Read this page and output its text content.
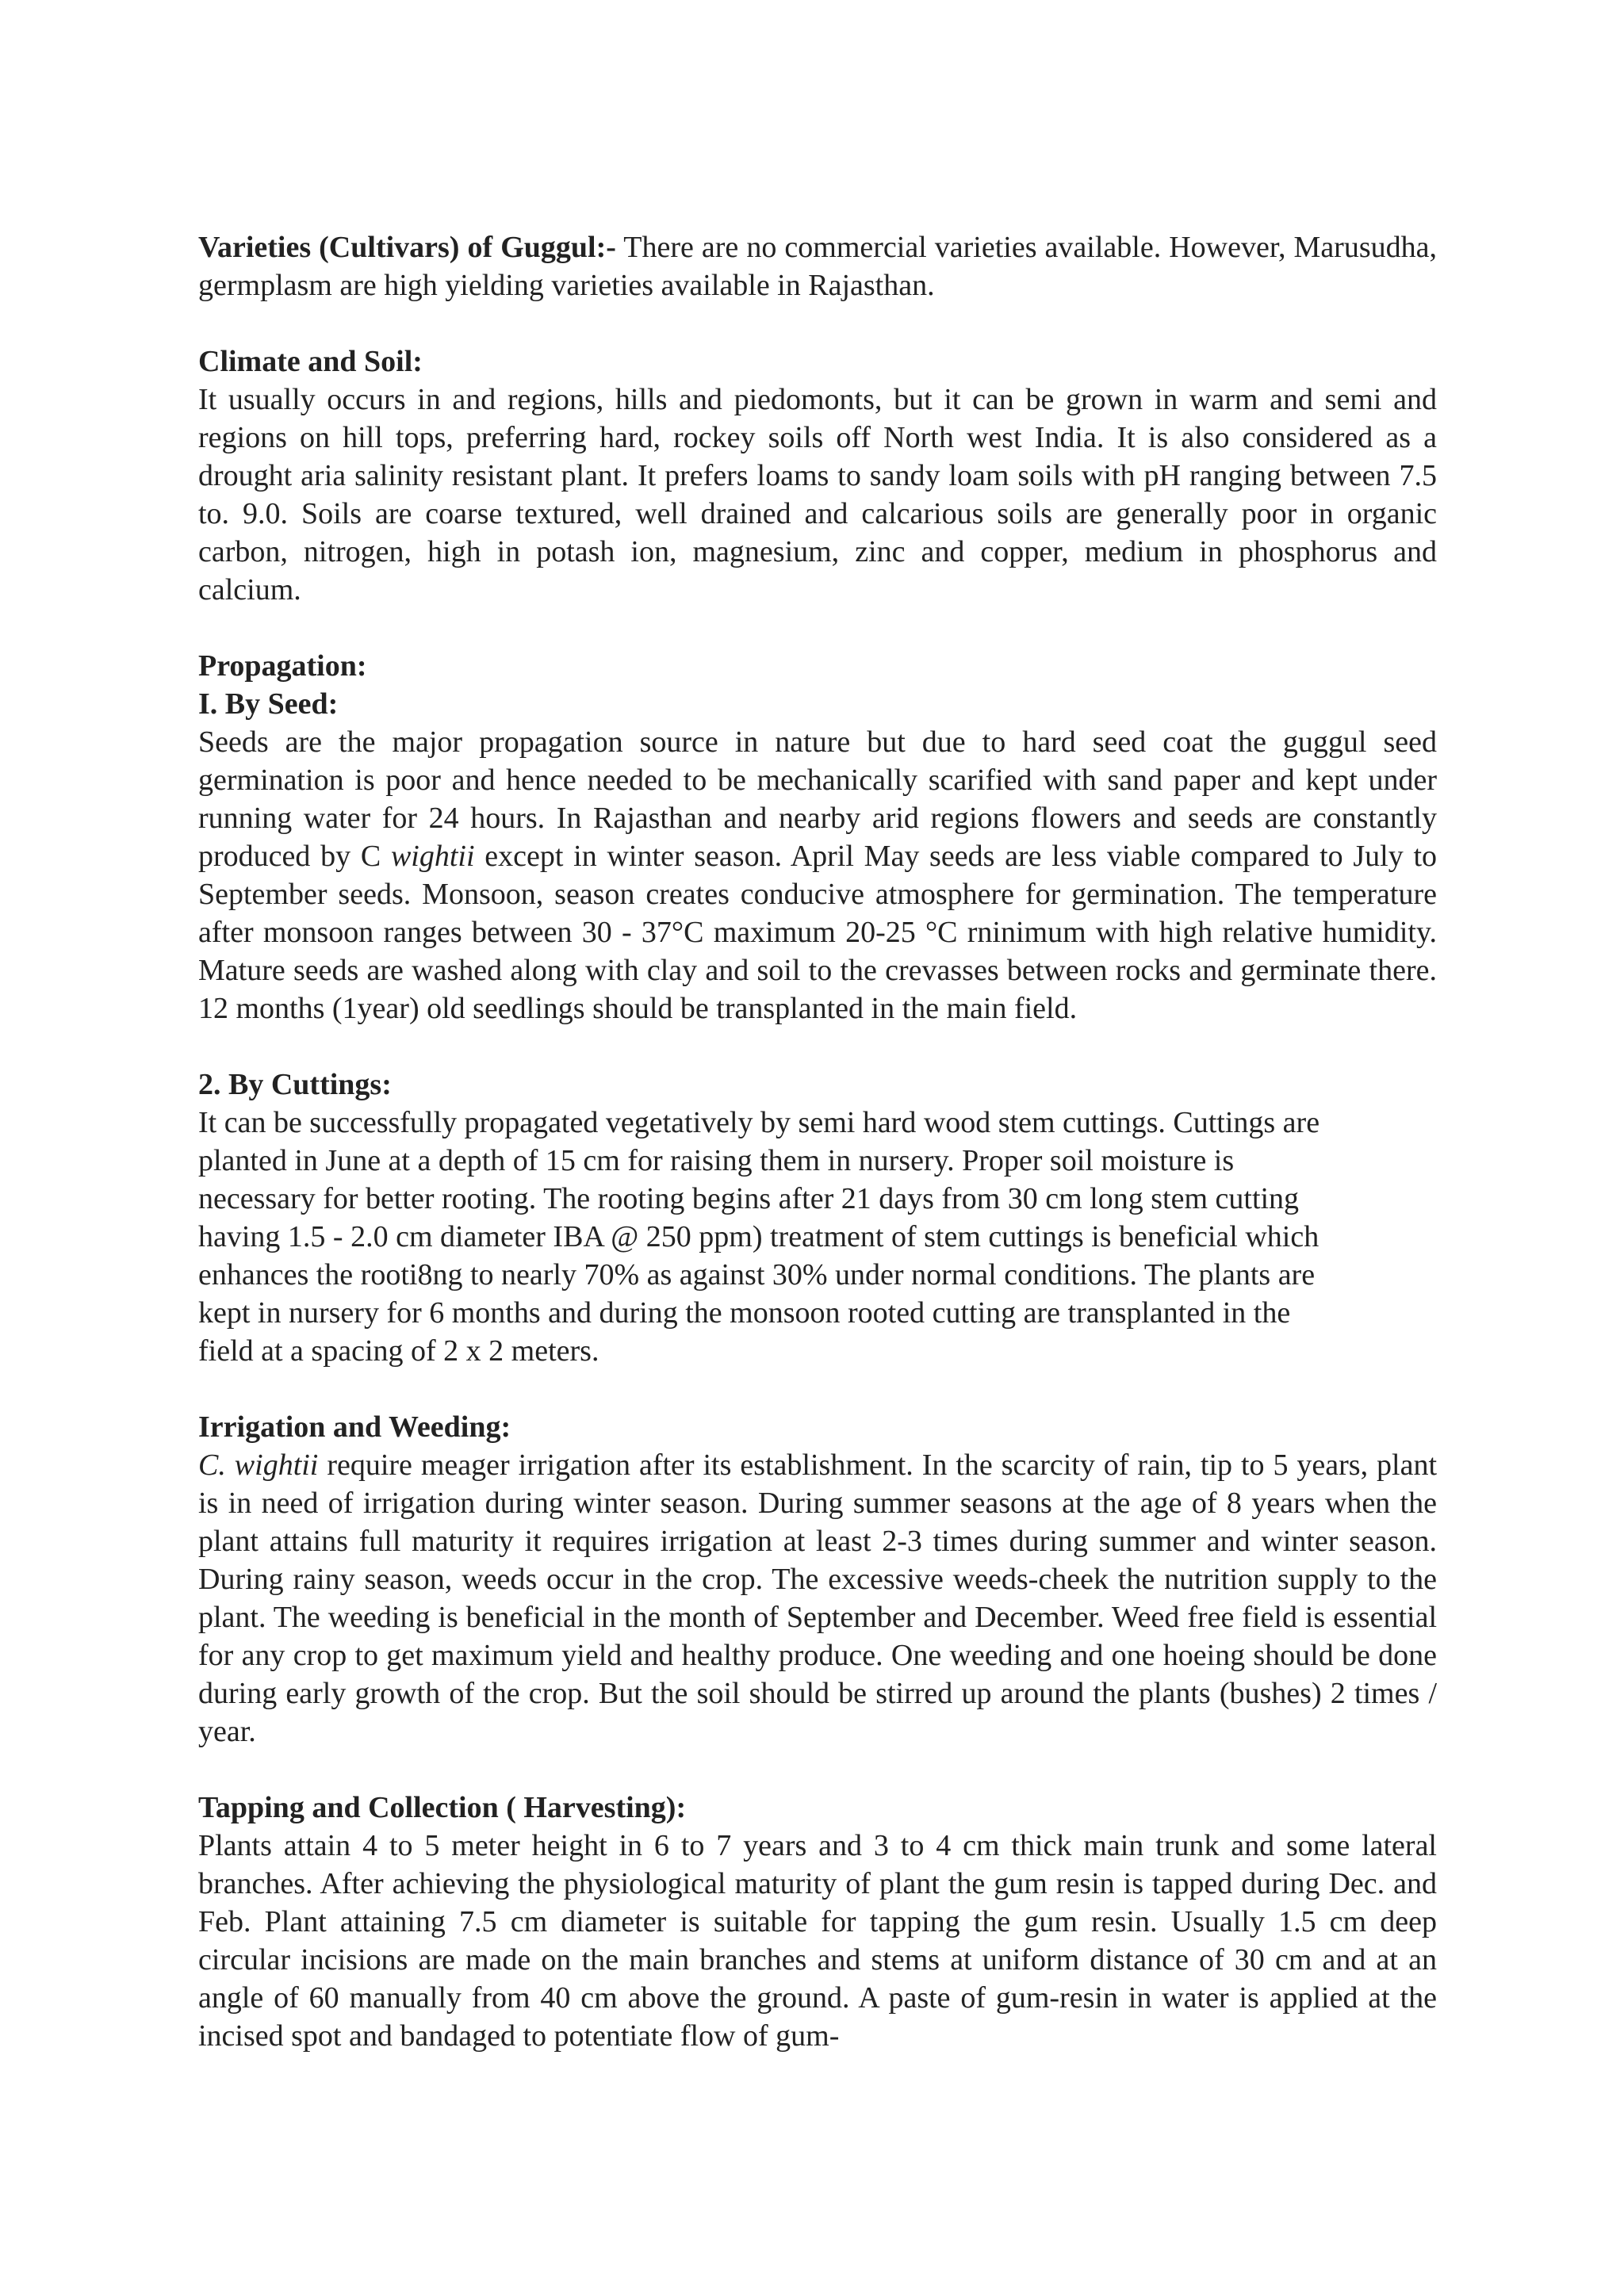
Varieties (Cultivars) of Guggul:- There are no commercial varieties available. However, Marusudha, germplasm are high yielding varieties available in Rajasthan.
Climate and Soil:
It usually occurs in and regions, hills and piedomonts, but it can be grown in warm and semi and regions on hill tops, preferring hard, rockey soils off North west India. It is also considered as a drought aria salinity resistant plant. It prefers loams to sandy loam soils with pH ranging between 7.5 to. 9.0. Soils are coarse textured, well drained and calcarious soils are generally poor in organic carbon, nitrogen, high in potash ion, magnesium, zinc and copper, medium in phosphorus and calcium.
Propagation:
I. By Seed:
Seeds are the major propagation source in nature but due to hard seed coat the guggul seed germination is poor and hence needed to be mechanically scarified with sand paper and kept under running water for 24 hours. In Rajasthan and nearby arid regions flowers and seeds are constantly produced by C wightii except in winter season. April May seeds are less viable compared to July to September seeds. Monsoon, season creates conducive atmosphere for germination. The temperature after monsoon ranges between 30 - 37°C maximum 20-25 °C rninimum with high relative humidity. Mature seeds are washed along with clay and soil to the crevasses between rocks and germinate there. 12 months (1year) old seedlings should be transplanted in the main field.
2. By Cuttings:
It can be successfully propagated vegetatively by semi hard wood stem cuttings. Cuttings are
planted in June at a depth of 15 cm for raising them in nursery. Proper soil moisture is
necessary for better rooting. The rooting begins after 21 days from 30 cm long stem cutting
having 1.5 - 2.0 cm diameter IBA @ 250 ppm) treatment of stem cuttings is beneficial which
enhances the rooti8ng to nearly 70% as against 30% under normal conditions. The plants are
kept in nursery for 6 months and during the monsoon rooted cutting are transplanted in the
field at a spacing of 2 x 2 meters.
Irrigation and Weeding:
C. wightii require meager irrigation after its establishment. In the scarcity of rain, tip to 5 years, plant is in need of irrigation during winter season. During summer seasons at the age of 8 years when the plant attains full maturity it requires irrigation at least 2-3 times during summer and winter season. During rainy season, weeds occur in the crop. The excessive weeds-cheek the nutrition supply to the plant. The weeding is beneficial in the month of September and December. Weed free field is essential for any crop to get maximum yield and healthy produce. One weeding and one hoeing should be done during early growth of the crop. But the soil should be stirred up around the plants (bushes) 2 times / year.
Tapping and Collection ( Harvesting):
Plants attain 4 to 5 meter height in 6 to 7 years and 3 to 4 cm thick main trunk and some lateral branches. After achieving the physiological maturity of plant the gum resin is tapped during Dec. and Feb. Plant attaining 7.5 cm diameter is suitable for tapping the gum resin. Usually 1.5 cm deep circular incisions are made on the main branches and stems at uniform distance of 30 cm and at an angle of 60 manually from 40 cm above the ground. A paste of gum-resin in water is applied at the incised spot and bandaged to potentiate flow of gum-
